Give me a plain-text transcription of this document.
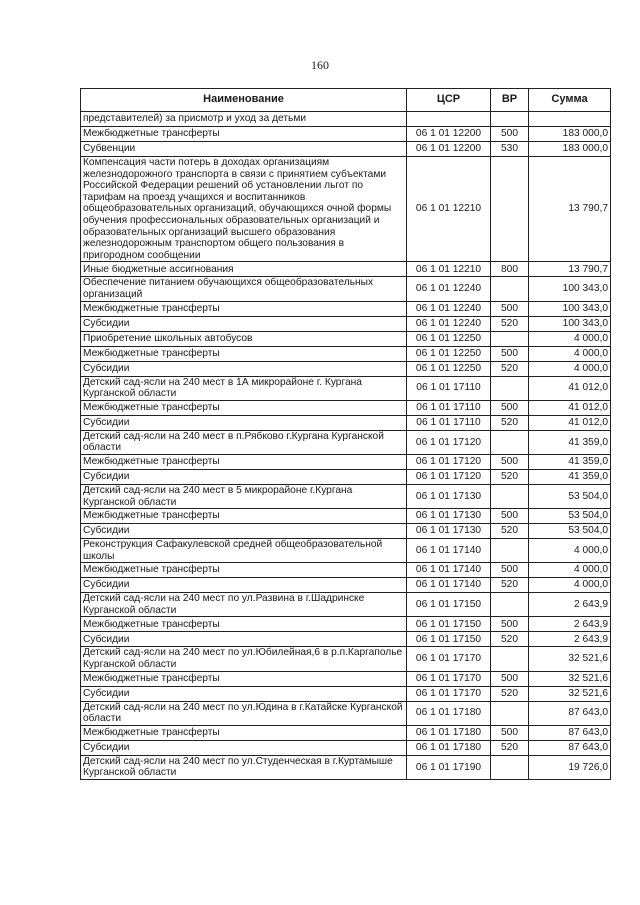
160
Наименование	ЦСР	ВР	Сумма
представителей) за присмотр и уход за детьми			
Межбюджетные трансферты	06 1 01 12200	500	183 000,0
Субвенции	06 1 01 12200	530	183 000,0
Компенсация части потерь в доходах организациям железнодорожного транспорта в связи с принятием субъектами Российской Федерации решений об установлении льгот по тарифам на проезд учащихся и воспитанников общеобразовательных организаций, обучающихся очной формы обучения профессиональных образовательных организаций и образовательных организаций высшего образования железнодорожным транспортом общего пользования в пригородном сообщении	06 1 01 12210		13 790,7
Иные бюджетные ассигнования	06 1 01 12210	800	13 790,7
Обеспечение питанием обучающихся общеобразовательных организаций	06 1 01 12240		100 343,0
Межбюджетные трансферты	06 1 01 12240	500	100 343,0
Субсидии	06 1 01 12240	520	100 343,0
Приобретение школьных автобусов	06 1 01 12250		4 000,0
Межбюджетные трансферты	06 1 01 12250	500	4 000,0
Субсидии	06 1 01 12250	520	4 000,0
Детский сад-ясли на 240 мест в 1А микрорайоне г. Кургана Курганской области	06 1 01 17110		41 012,0
Межбюджетные трансферты	06 1 01 17110	500	41 012,0
Субсидии	06 1 01 17110	520	41 012,0
Детский сад-ясли на 240 мест в п.Рябково г.Кургана Курганской области	06 1 01 17120		41 359,0
Межбюджетные трансферты	06 1 01 17120	500	41 359,0
Субсидии	06 1 01 17120	520	41 359,0
Детский сад-ясли на 240 мест в 5 микрорайоне г.Кургана Курганской области	06 1 01 17130		53 504,0
Межбюджетные трансферты	06 1 01 17130	500	53 504,0
Субсидии	06 1 01 17130	520	53 504,0
Реконструкция Сафакулевской средней общеобразовательной школы	06 1 01 17140		4 000,0
Межбюджетные трансферты	06 1 01 17140	500	4 000,0
Субсидии	06 1 01 17140	520	4 000,0
Детский сад-ясли на 240 мест по ул.Развина в г.Шадринске Курганской области	06 1 01 17150		2 643,9
Межбюджетные трансферты	06 1 01 17150	500	2 643,9
Субсидии	06 1 01 17150	520	2 643,9
Детский сад-ясли на 240 мест по ул.Юбилейная,6 в р.п.Каргаполье Курганской области	06 1 01 17170		32 521,6
Межбюджетные трансферты	06 1 01 17170	500	32 521,6
Субсидии	06 1 01 17170	520	32 521,6
Детский сад-ясли на 240 мест по ул.Юдина в г.Катайске Курганской области	06 1 01 17180		87 643,0
Межбюджетные трансферты	06 1 01 17180	500	87 643,0
Субсидии	06 1 01 17180	520	87 643,0
Детский сад-ясли на 240 мест по ул.Студенческая в г.Куртамыше Курганской области	06 1 01 17190		19 726,0
